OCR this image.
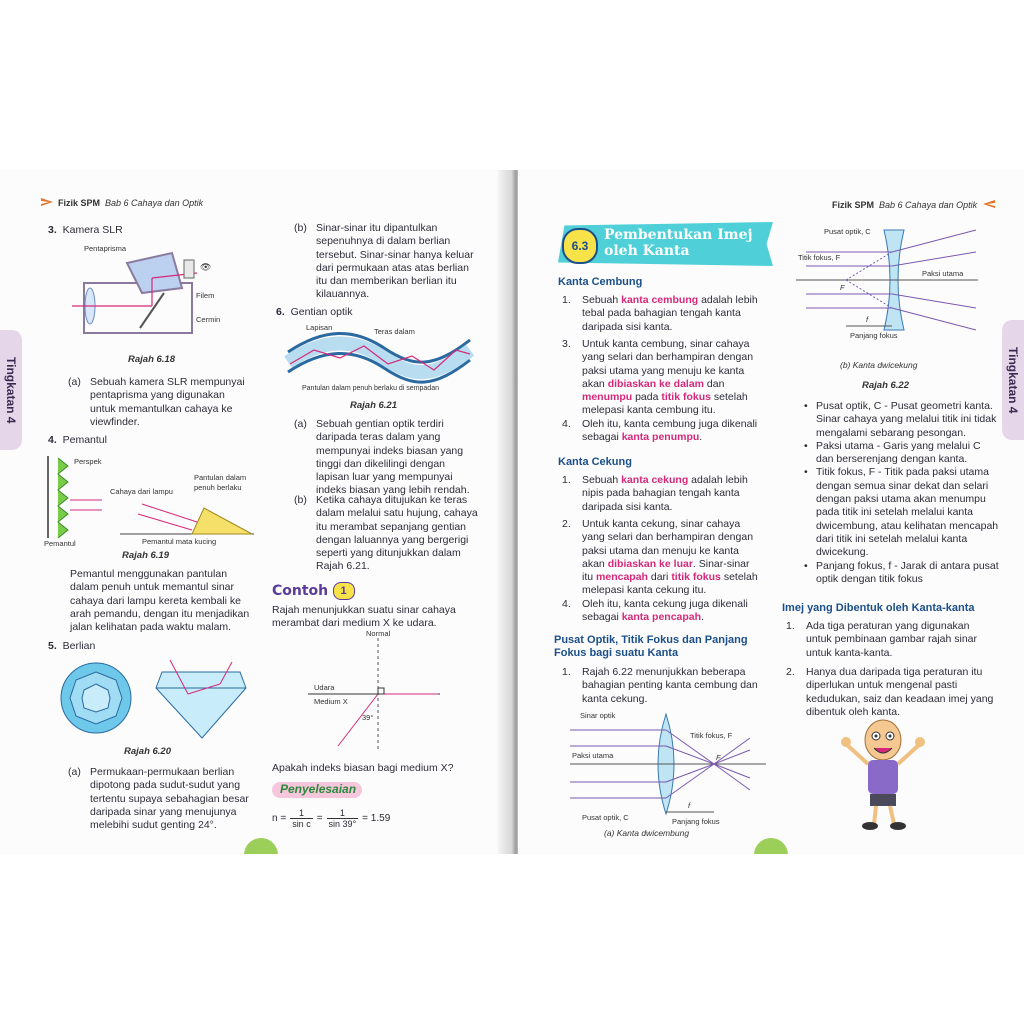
Fizik SPM Bab 6 Cahaya dan Optik
Tingkatan 4
3. Kamera SLR
👁
Pentaprisma
Filem
Cermin
Rajah 6.18
(a) Sebuah kamera SLR mempunyai pentaprisma yang digunakan untuk memantulkan cahaya ke viewfinder.
4. Pemantul
Perspek
Pantulan dalam
penuh berlaku
Cahaya dari lampu
Pemantul	Pemantul mata kucing
Rajah 6.19
Pemantul menggunakan pantulan dalam penuh untuk memantul sinar cahaya dari lampu kereta kembali ke arah pemandu, dengan itu menjadikan jalan kelihatan pada waktu malam.
5. Berlian
Rajah 6.20
(a) Permukaan-permukaan berlian dipotong pada sudut-sudut yang tertentu supaya sebahagian besar daripada sinar yang menujunya melebihi sudut genting 24°.
(b) Sinar-sinar itu dipantulkan sepenuhnya di dalam berlian tersebut. Sinar-sinar hanya keluar dari permukaan atas atas berlian itu dan memberikan berlian itu kilauannya.
6. Gentian optik
Lapisan	Teras dalam
Pantulan dalam penuh berlaku di sempadan
Rajah 6.21
(a) Sebuah gentian optik terdiri daripada teras dalam yang mempunyai indeks biasan yang tinggi dan dikelilingi dengan lapisan luar yang mempunyai indeks biasan yang lebih rendah.
(b) Ketika cahaya ditujukan ke teras dalam melalui satu hujung, cahaya itu merambat sepanjang gentian dengan laluannya yang bergerigi seperti yang ditunjukkan dalam Rajah 6.21.
Contoh 1
Rajah menunjukkan suatu sinar cahaya merambat dari medium X ke udara.
Normal
Udara
Medium X
39°
Apakah indeks biasan bagi medium X?
Penyelesaian
$n = \frac{1}{\text{sin c}} = \frac{1}{\sin 39^\circ} = 1.59$
Fizik SPM Bab 6 Cahaya dan Optik
Tingkatan 4
6.3
Pembentukan Imej oleh Kanta
Kanta Cembung
1. Sebuah kanta cembung adalah lebih tebal pada bahagian tengah kanta daripada sisi kanta.
3. Untuk kanta cembung, sinar cahaya yang selari dan berhampiran dengan paksi utama yang menuju ke kanta akan dibiaskan ke dalam dan menumpu pada titik fokus setelah melepasi kanta cembung itu.
4. Oleh itu, kanta cembung juga dikenali sebagai kanta penumpu.
Kanta Cekung
1. Sebuah kanta cekung adalah lebih nipis pada bahagian tengah kanta daripada sisi kanta.
2. Untuk kanta cekung, sinar cahaya yang selari dan berhampiran dengan paksi utama dan menuju ke kanta akan dibiaskan ke luar. Sinar-sinar itu mencapah dari titik fokus setelah melepasi kanta cekung itu.
4. Oleh itu, kanta cekung juga dikenali sebagai kanta pencapah.
Pusat Optik, Titik Fokus dan Panjang Fokus bagi suatu Kanta
1. Rajah 6.22 menunjukkan beberapa bahagian penting kanta cembung dan kanta cekung.
Sinar optik
Paksi utama
Titik fokus, F
F
Pusat optik, C
f
Panjang fokus
(a) Kanta dwicembung
Pusat optik, C
Titik fokus, F
Paksi utama
F
f
Panjang fokus
(b) Kanta dwicekung
Rajah 6.22
• Pusat optik, C - Pusat geometri kanta. Sinar cahaya yang melalui titik ini tidak mengalami sebarang pesongan.
• Paksi utama - Garis yang melalui C dan berserenjang dengan kanta.
• Titik fokus, F - Titik pada paksi utama dengan semua sinar dekat dan selari dengan paksi utama akan menumpu pada titik ini setelah melalui kanta dwicembung, atau kelihatan mencapah dari titik ini setelah melalui kanta dwicekung.
• Panjang fokus, f - Jarak di antara pusat optik dengan titik fokus
Imej yang Dibentuk oleh Kanta-kanta
1. Ada tiga peraturan yang digunakan untuk pembinaan gambar rajah sinar untuk kanta-kanta.
2. Hanya dua daripada tiga peraturan itu diperlukan untuk mengenal pasti kedudukan, saiz dan keadaan imej yang dibentuk oleh kanta.
